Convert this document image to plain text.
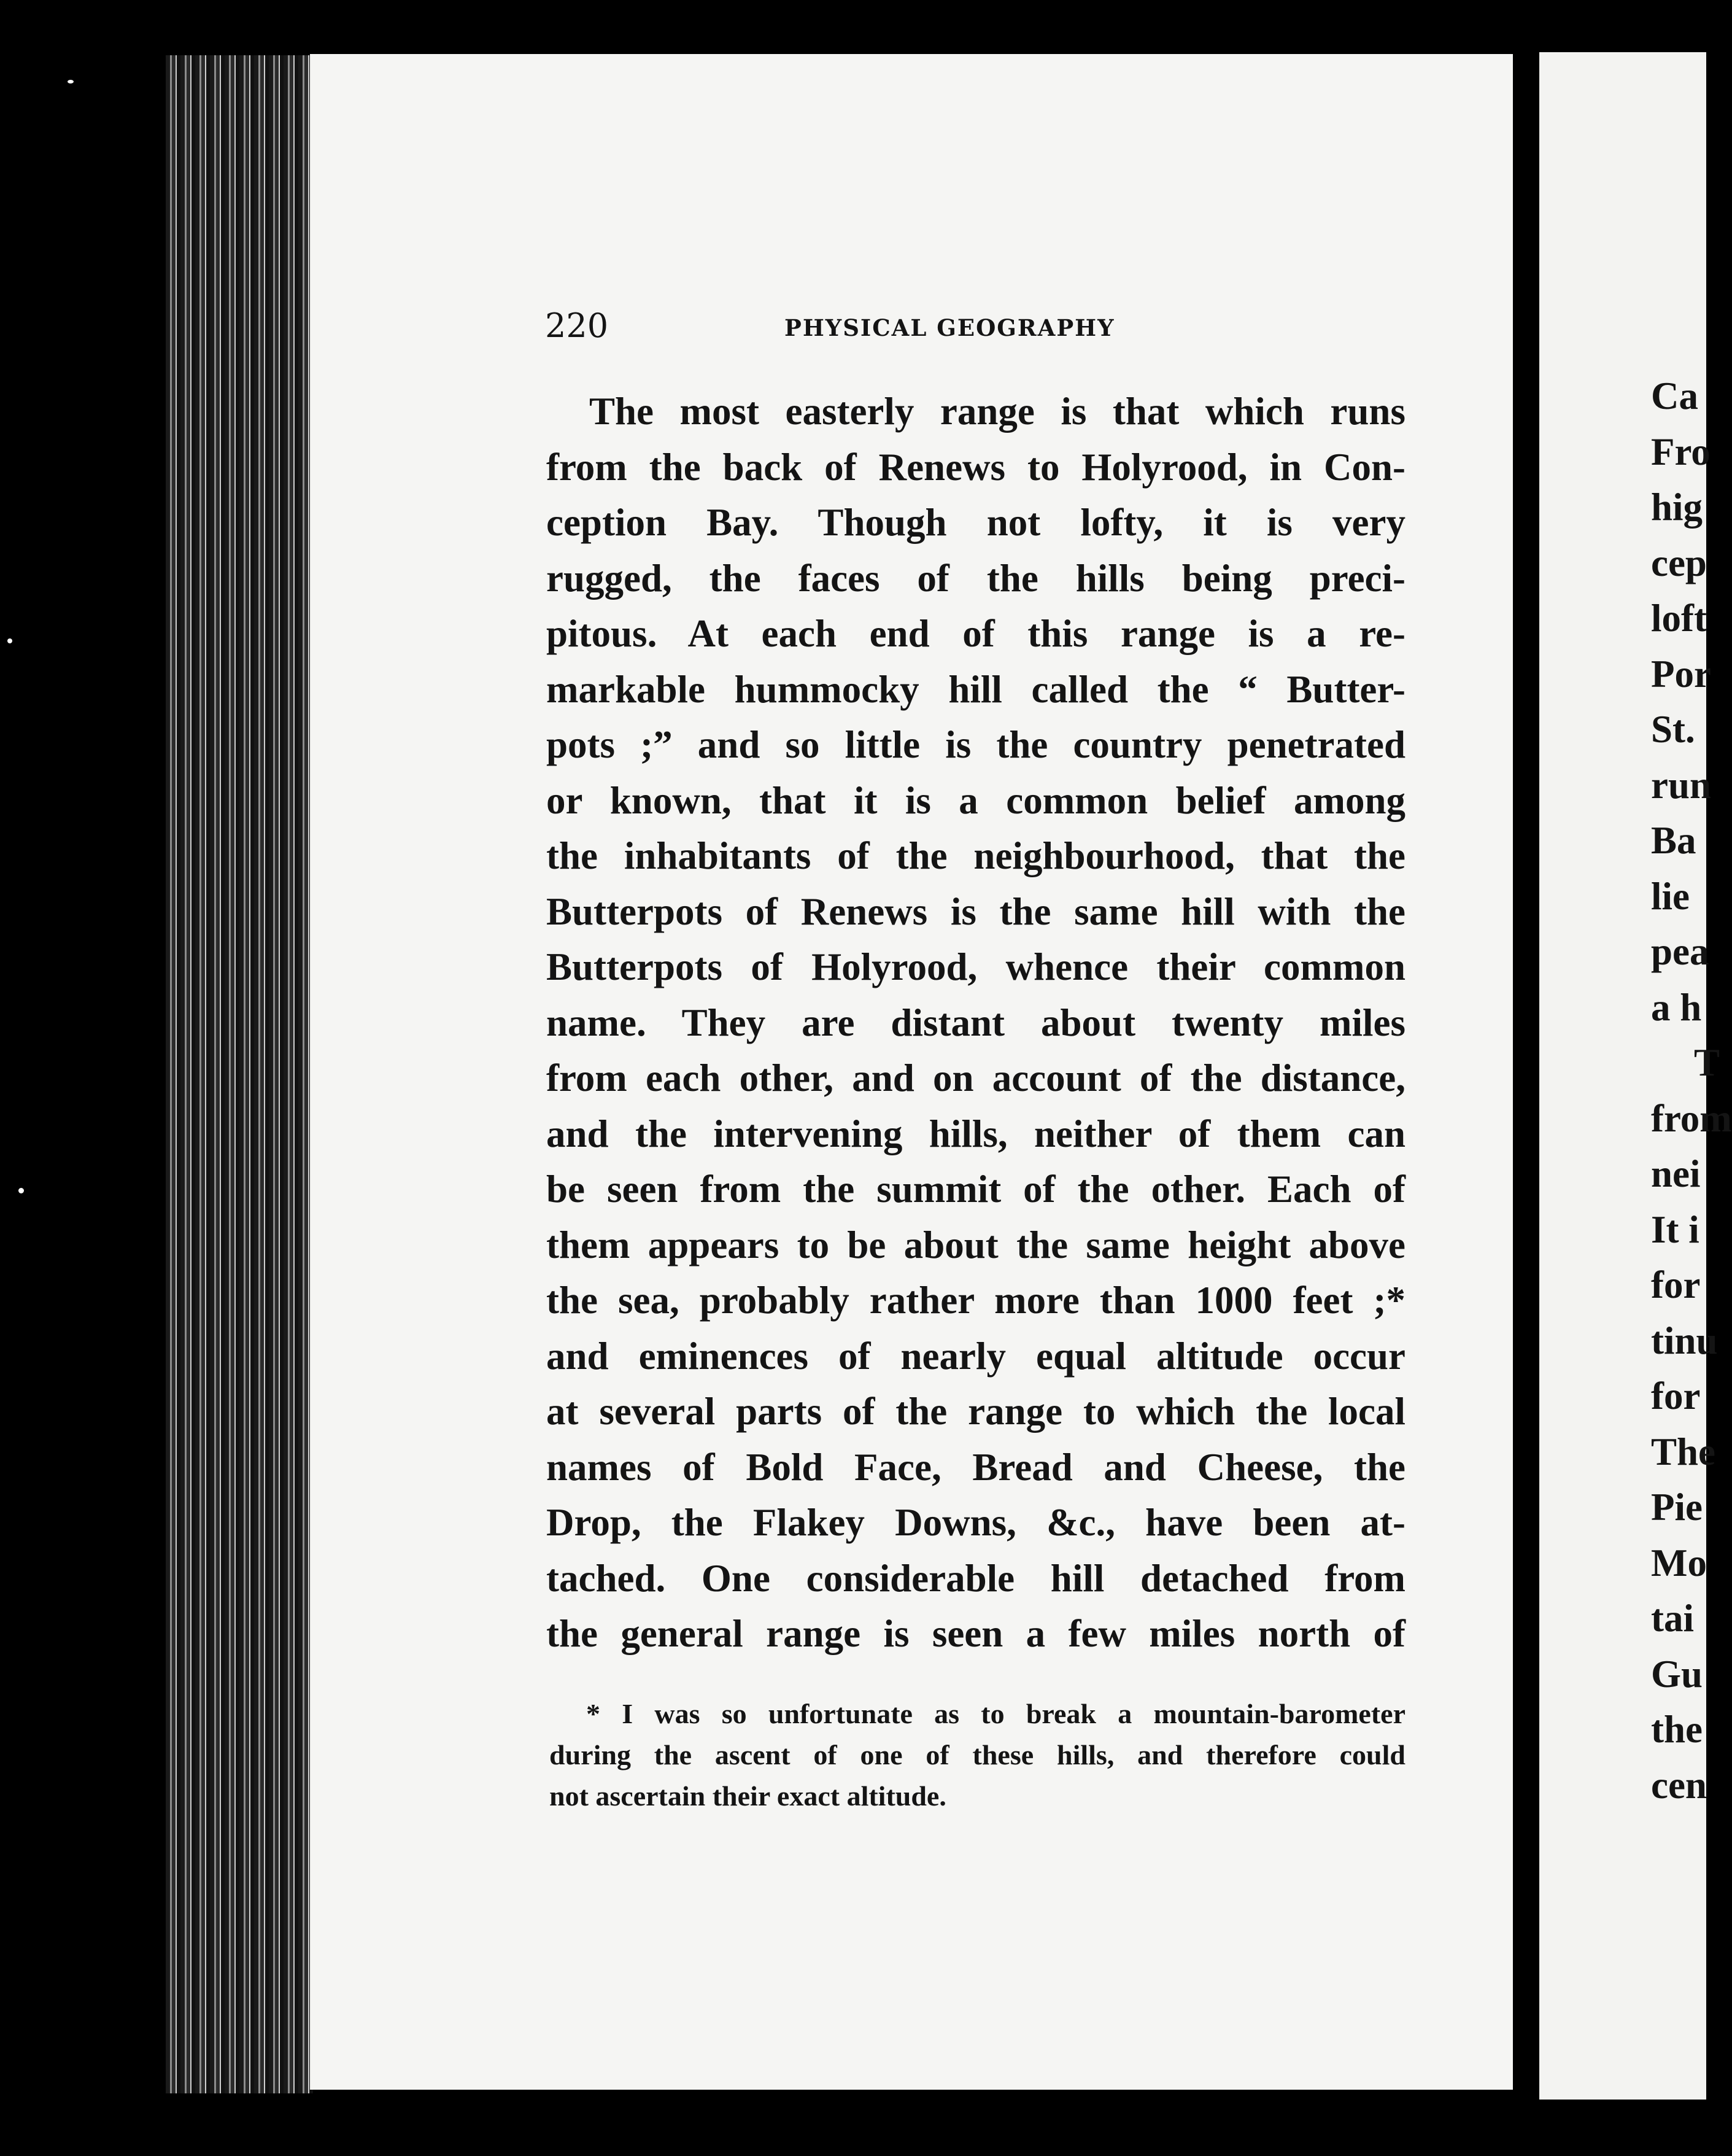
220	PHYSICAL GEOGRAPHY
The most easterly range is that which runs
from the back of Renews to Holyrood, in Con-
ception Bay. Though not lofty, it is very
rugged, the faces of the hills being preci-
pitous. At each end of this range is a re-
markable hummocky hill called the “ Butter-
pots ;” and so little is the country penetrated
or known, that it is a common belief among
the inhabitants of the neighbourhood, that the
Butterpots of Renews is the same hill with the
Butterpots of Holyrood, whence their common
name. They are distant about twenty miles
from each other, and on account of the distance,
and the intervening hills, neither of them can
be seen from the summit of the other. Each of
them appears to be about the same height above
the sea, probably rather more than 1000 feet ;*
and eminences of nearly equal altitude occur
at several parts of the range to which the local
names of Bold Face, Bread and Cheese, the
Drop, the Flakey Downs, &c., have been at-
tached. One considerable hill detached from
the general range is seen a few miles north of
* I was so unfortunate as to break a mountain-barometer
during the ascent of one of these hills, and therefore could
not ascertain their exact altitude.
Ca
Fro
hig
cep
loft
Por
St.
run
Ba
lie
pea
a h
T
from
nei
It i
for
tinu
for
The
Pie
Mo
tai
Gu
the
cen
